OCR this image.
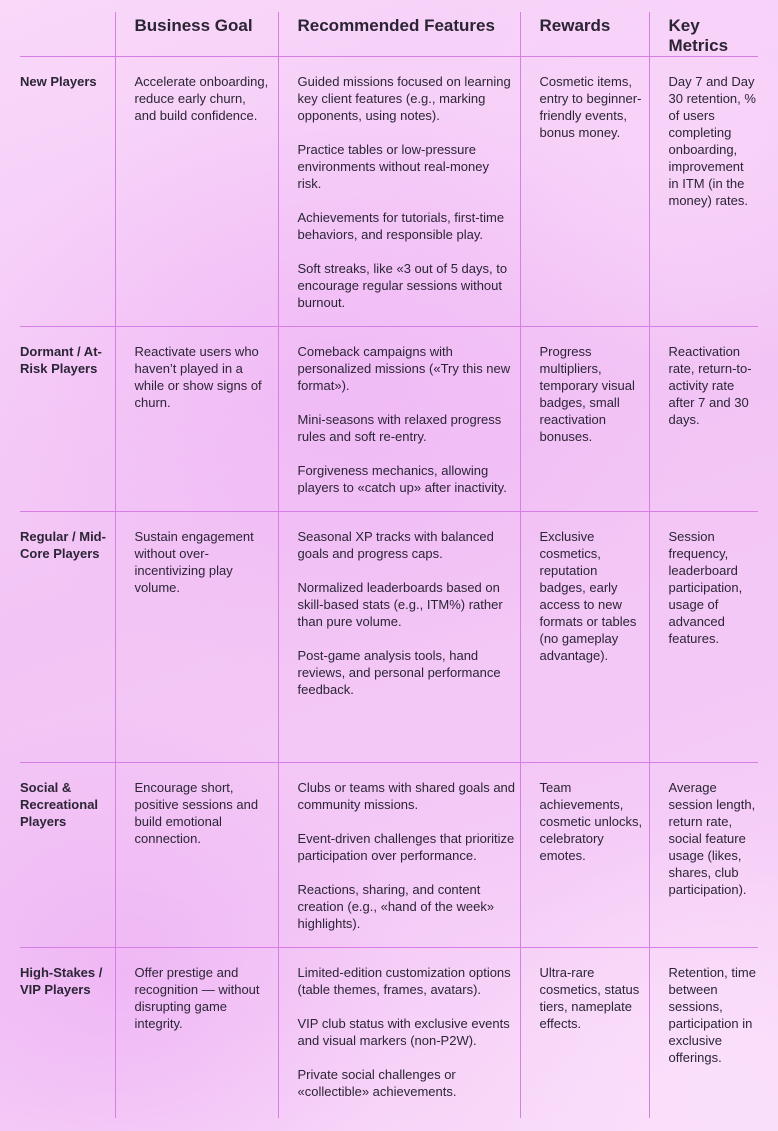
	Business Goal	Recommended Features	Rewards	Key Metrics
New Players	Accelerate onboarding, reduce early churn, and build confidence.	Guided missions focused on learning key client features (e.g., marking opponents, using notes).

Practice tables or low-pressure environments without real-money risk.

Achievements for tutorials, first-time behaviors, and responsible play.

Soft streaks, like «3 out of 5 days, to encourage regular sessions without burnout.	Cosmetic items, entry to beginner-friendly events, bonus money.	Day 7 and Day 30 retention, % of users completing onboarding, improvement in ITM (in the money) rates.
Dormant / At-Risk Players	Reactivate users who haven’t played in a while or show signs of churn.	Comeback campaigns with personalized missions («Try this new format»).

Mini-seasons with relaxed progress rules and soft re-entry.

Forgiveness mechanics, allowing players to «catch up» after inactivity.	Progress multipliers, temporary visual badges, small reactivation bonuses.	Reactivation rate, return-to-activity rate after 7 and 30 days.
Regular / Mid-Core Players	Sustain engagement without over-incentivizing play volume.	Seasonal XP tracks with balanced goals and progress caps.

Normalized leaderboards based on skill-based stats (e.g., ITM%) rather than pure volume.

Post-game analysis tools, hand reviews, and personal performance feedback.	Exclusive cosmetics, reputation badges, early access to new formats or tables (no gameplay advantage).	Session frequency, leaderboard participation, usage of advanced features.
Social & Recreational Players	Encourage short, positive sessions and build emotional connection.	Clubs or teams with shared goals and community missions.

Event-driven challenges that prioritize participation over performance.

Reactions, sharing, and content creation (e.g., «hand of the week» highlights).	Team achievements, cosmetic unlocks, celebratory emotes.	Average session length, return rate, social feature usage (likes, shares, club participation).
High-Stakes / VIP Players	Offer prestige and recognition — without disrupting game integrity.	Limited-edition customization options (table themes, frames, avatars).

VIP club status with exclusive events and visual markers (non-P2W).

Private social challenges or «collectible» achievements.	Ultra-rare cosmetics, status tiers, nameplate effects.	Retention, time between sessions, participation in exclusive offerings.
